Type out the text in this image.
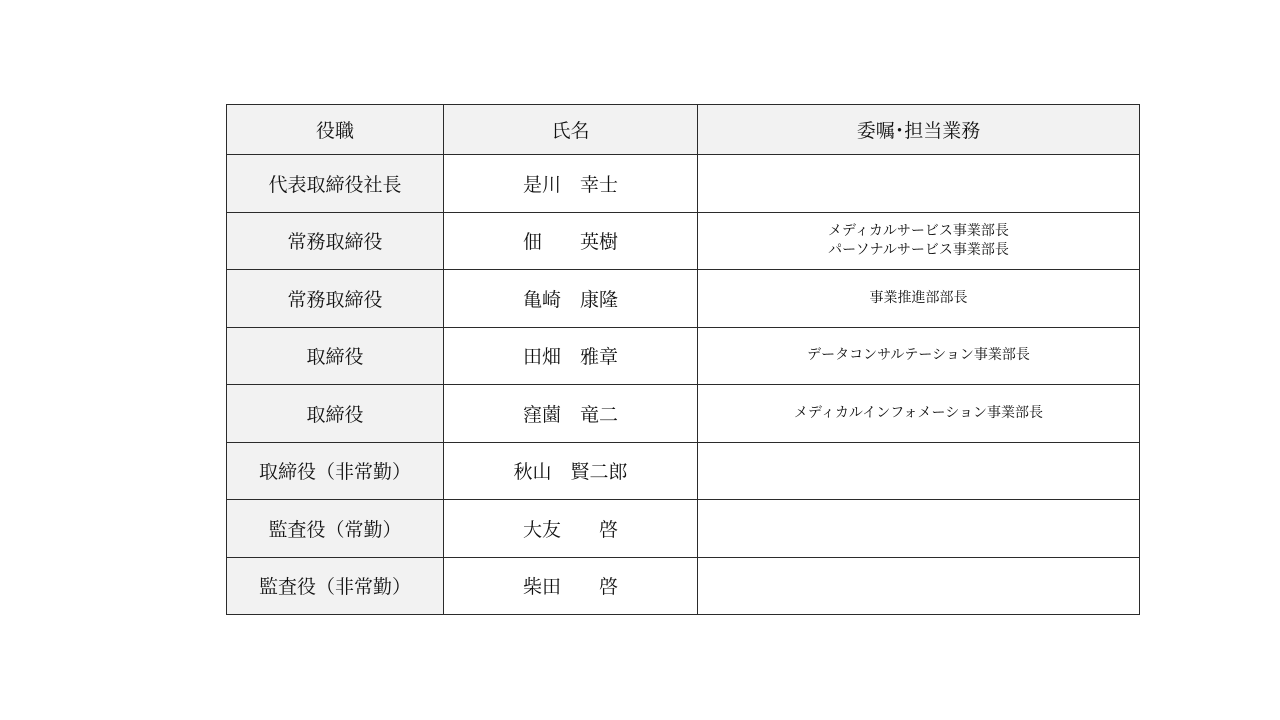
役職	氏名	委嘱･担当業務
代表取締役社長	是川　幸士	
常務取締役	佃　　英樹	メディカルサービス事業部長
パーソナルサービス事業部長

常務取締役	亀崎　康隆	事業推進部部長

取締役	田畑　雅章	データコンサルテーション事業部長

取締役	窪薗　竜二	メディカルインフォメーション事業部長

取締役（非常勤）	秋山　賢二郎	
監査役（常勤）	大友　　啓	
監査役（非常勤）	柴田　　啓	
